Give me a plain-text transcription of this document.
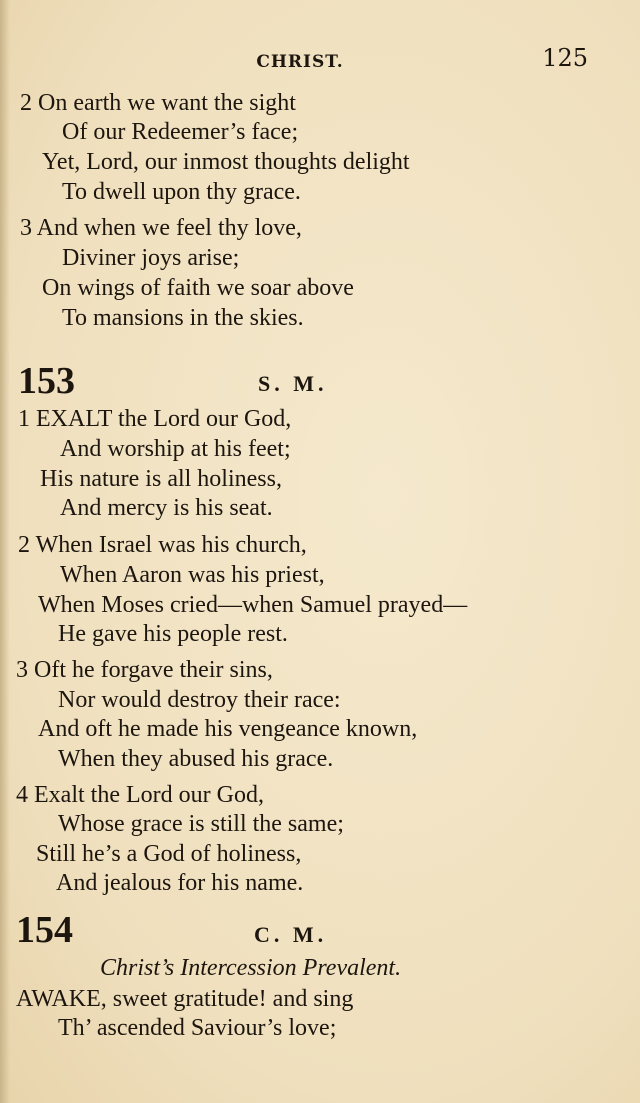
CHRIST.	125
2 On earth we want the sight
Of our Redeemer’s face;
Yet, Lord, our inmost thoughts delight
To dwell upon thy grace.
3 And when we feel thy love,
Diviner joys arise;
On wings of faith we soar above
To mansions in the skies.
153	S. M.
1 EXALT the Lord our God,
And worship at his feet;
His nature is all holiness,
And mercy is his seat.
2 When Israel was his church,
When Aaron was his priest,
When Moses cried—when Samuel prayed—
He gave his people rest.
3 Oft he forgave their sins,
Nor would destroy their race:
And oft he made his vengeance known,
When they abused his grace.
4 Exalt the Lord our God,
Whose grace is still the same;
Still he’s a God of holiness,
And jealous for his name.
154	C. M.
Christ’s Intercession Prevalent.
AWAKE, sweet gratitude! and sing
Th’ ascended Saviour’s love;
